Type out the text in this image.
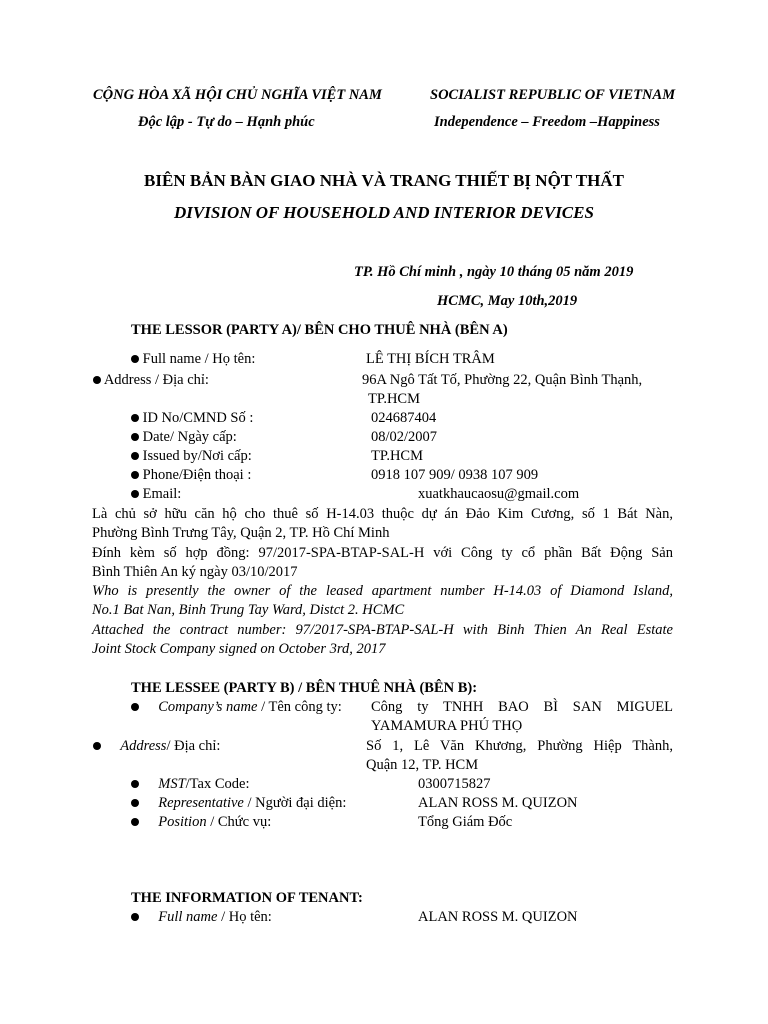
CỘNG HÒA XÃ HỘI CHỦ NGHĨA VIỆT NAM
Độc lập - Tự do – Hạnh phúc
SOCIALIST REPUBLIC OF VIETNAM
Independence – Freedom –Happiness
BIÊN BẢN BÀN GIAO NHÀ VÀ TRANG THIẾT BỊ NỘT THẤT
DIVISION OF HOUSEHOLD AND INTERIOR DEVICES
TP. Hồ Chí minh , ngày 10 tháng 05 năm 2019
HCMC, May 10th,2019
THE LESSOR (PARTY A)/ BÊN CHO THUÊ NHÀ (BÊN A)
Full name / Họ tên:	LÊ THỊ BÍCH TRÂM
Address / Địa chỉ:	96A Ngô Tất Tố, Phường 22, Quận Bình Thạnh,
TP.HCM
ID No/CMND Số :	024687404
Date/ Ngày cấp:	08/02/2007
Issued by/Nơi cấp:	TP.HCM
Phone/Điện thoại :	0918 107 909/ 0938 107 909
Email:	xuatkhaucaosu@gmail.com
Là chủ sở hữu căn hộ cho thuê số H-14.03 thuộc dự án Đảo Kim Cương, số 1 Bát Nàn,
Phường Bình Trưng Tây, Quận 2, TP. Hồ Chí Minh
Đính kèm số hợp đồng: 97/2017-SPA-BTAP-SAL-H với Công ty cổ phần Bất Động Sản
Bình Thiên An ký ngày 03/10/2017
Who is presently the owner of the leased apartment number H-14.03 of Diamond Island,
No.1 Bat Nan, Binh Trung Tay Ward, Distct 2. HCMC
Attached the contract number: 97/2017-SPA-BTAP-SAL-H with Binh Thien An Real Estate
Joint Stock Company signed on October 3rd, 2017
THE LESSEE (PARTY B) / BÊN THUÊ NHÀ (BÊN B):
Company’s name / Tên công ty: Công ty TNHH BAO BÌ SAN MIGUEL
YAMAMURA PHÚ THỌ
Address/ Địa chỉ:	Số 1, Lê Văn Khương, Phường Hiệp Thành,
Quận 12, TP. HCM
MST/Tax Code:	0300715827
Representative / Người đại diện:	ALAN ROSS M. QUIZON
Position / Chức vụ:	Tổng Giám Đốc
THE INFORMATION OF TENANT:
Full name / Họ tên:	ALAN ROSS M. QUIZON
